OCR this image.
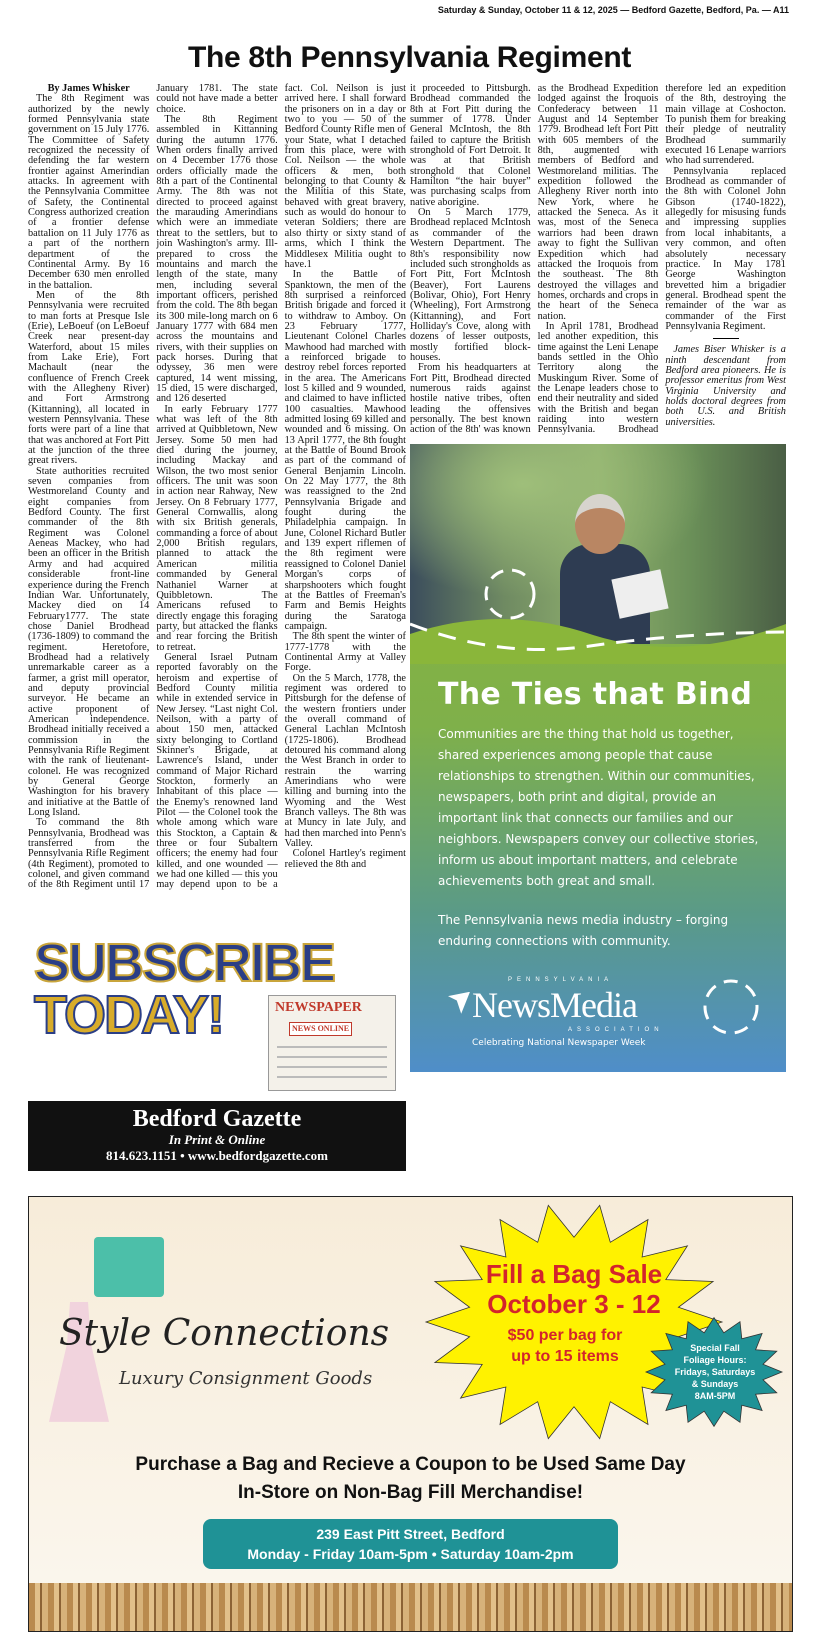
Saturday & Sunday, October 11 & 12, 2025 — Bedford Gazette, Bedford, Pa. — A11
The 8th Pennsylvania Regiment

By James Whisker

The 8th Regiment was authorized by the newly formed Pennsylvania state government on 15 July 1776. The Committee of Safety recognized the necessity of defending the far western frontier against Amerindian attacks. In agreement with the Pennsylvania Committee of Safety, the Continental Congress authorized creation of a frontier defense battalion on 11 July 1776 as a part of the northern department of the Continental Army. By 16 December 630 men enrolled in the battalion.

Men of the 8th Pennsylvania were recruited to man forts at Presque Isle (Erie), LeBoeuf (on LeBoeuf Creek near present-day Waterford, about 15 miles from Lake Erie), Fort Machault (near the confluence of French Creek with the Allegheny River) and Fort Armstrong (Kittanning), all located in western Pennsylvania. These forts were part of a line that that was anchored at Fort Pitt at the junction of the three great rivers.

State authorities recruited seven companies from Westmoreland County and eight companies from Bedford County. The first commander of the 8th Regiment was Colonel Aeneas Mackey, who had been an officer in the British Army and had acquired considerable front-line experience during the French Indian War. Unfortunately, Mackey died on 14 February1777. The state chose Daniel Brodhead (1736-1809) to command the regiment. Heretofore, Brodhead had a relatively unremarkable career as a farmer, a grist mill operator, and deputy provincial surveyor. He became an active proponent of American independence. Brodhead initially received a commission in the Pennsylvania Rifle Regiment with the rank of lieutenant-colonel. He was recognized by General George Washington for his bravery and initiative at the Battle of Long Island.

To command the 8th Pennsylvania, Brodhead was transferred from the Pennsylvania Rifle Regiment (4th Regiment), promoted to colonel, and given command of the 8th Regiment until 17 January 1781. The state could not have made a better choice.

The 8th Regiment assembled in Kittanning during the autumn 1776. When orders finally arrived on 4 December 1776 those orders officially made the 8th a part of the Continental Army. The 8th was not directed to proceed against the marauding Amerindians which were an immediate threat to the settlers, but to join Washington's army. Ill-prepared to cross the mountains and march the length of the state, many men, including several important officers, perished from the cold. The 8th began its 300 mile-long march on 6 January 1777 with 684 men across the mountains and rivers, with their supplies on pack horses. During that odyssey, 36 men were captured, 14 went missing, 15 died, 15 were discharged, and 126 deserted

In early February 1777 what was left of the 8th arrived at Quibbletown, New Jersey. Some 50 men had died during the journey, including Mackay and Wilson, the two most senior officers. The unit was soon in action near Rahway, New Jersey. On 8 February 1777, General Cornwallis, along with six British generals, commanding a force of about 2,000 British regulars, planned to attack the American militia commanded by General Nathaniel Warner at Quibbletown. The Americans refused to directly engage this foraging party, but attacked the flanks and rear forcing the British to retreat.

General Israel Putnam reported favorably on the heroism and expertise of Bedford County militia while in extended service in New Jersey. “Last night Col. Neilson, with a party of about 150 men, attacked sixty belonging to Cortland Skinner's Brigade, at Lawrence's Island, under command of Major Richard Stockton, formerly an Inhabitant of this place — the Enemy's renowned land Pilot — the Colonel took the whole among which ware this Stockton, a Captain & three or four Subaltern officers; the enemy had four killed, and one wounded — we had one killed — this you may depend upon to be a fact. Col. Neilson is just arrived here. I shall forward the prisoners on in a day or two to you — 50 of the Bedford County Rifle men of your State, what I detached from this place, were with Col. Neilson — the whole officers & men, both belonging to that County & the Militia of this State, behaved with great bravery, such as would do honour to veteran Soldiers; there are also thirty or sixty stand of arms, which I think the Middlesex Militia ought to have.1

In the Battle of Spanktown, the men of the 8th surprised a reinforced British brigade and forced it to withdraw to Amboy. On 23 February 1777, Lieutenant Colonel Charles Mawhood had marched with a reinforced brigade to destroy rebel forces reported in the area. The Americans lost 5 killed and 9 wounded, and claimed to have inflicted 100 casualties. Mawhood admitted losing 69 killed and wounded and 6 missing. On 13 April 1777, the 8th fought at the Battle of Bound Brook as part of the command of General Benjamin Lincoln. On 22 May 1777, the 8th was reassigned to the 2nd Pennsylvania Brigade and fought during the Philadelphia campaign. In June, Colonel Richard Butler and 139 expert riflemen of the 8th regiment were reassigned to Colonel Daniel Morgan's corps of sharpshooters which fought at the Battles of Freeman's Farm and Bemis Heights during the Saratoga campaign.

The 8th spent the winter of 1777-1778 with the Continental Army at Valley Forge.

On the 5 March, 1778, the regiment was ordered to Pittsburgh for the defense of the western frontiers under the overall command of General Lachlan McIntosh (1725-1806). Brodhead detoured his command along the West Branch in order to restrain the warring Amerindians who were killing and burning into the Wyoming and the West Branch valleys. The 8th was at Muncy in late July, and had then marched into Penn's Valley.

Colonel Hartley's regiment relieved the 8th and

SUBSCRIBE
TODAY!	NEWSPAPER
NEWS ONLINE
Bedford Gazette
In Print & Online
814.623.1151 • www.bedfordgazette.com

it proceeded to Pittsburgh. Brodhead commanded the 8th at Fort Pitt during the summer of 1778. Under General McIntosh, the 8th failed to capture the British stronghold of Fort Detroit. It was at that British stronghold that Colonel Hamilton “the hair buyer” was purchasing scalps from native aborigine.

On 5 March 1779, Brodhead replaced McIntosh as commander of the Western Department. The 8th's responsibility now included such strongholds as Fort Pitt, Fort McIntosh (Beaver), Fort Laurens (Bolivar, Ohio), Fort Henry (Wheeling), Fort Armstrong (Kittanning), and Fort Holliday's Cove, along with dozens of lesser outposts, mostly fortified block-houses.

From his headquarters at Fort Pitt, Brodhead directed numerous raids against hostile native tribes, often leading the offensives personally. The best known action of the 8th' was known as the Brodhead Expedition lodged against the Iroquois Confederacy between 11 August and 14 September 1779. Brodhead left Fort Pitt with 605 members of the 8th, augmented with members of Bedford and Westmoreland militias. The expedition followed the Allegheny River north into New York, where he attacked the Seneca. As it was, most of the Seneca warriors had been drawn away to fight the Sullivan Expedition which had attacked the Iroquois from the southeast. The 8th destroyed the villages and homes, orchards and crops in the heart of the Seneca nation.

In April 1781, Brodhead led another expedition, this time against the Leni Lenape bands settled in the Ohio Territory along the Muskingum River. Some of the Lenape leaders chose to end their neutrality and sided with the British and began raiding into western Pennsylvania. Brodhead therefore led an expedition of the 8th, destroying the main village at Coshocton. To punish them for breaking their pledge of neutrality Brodhead summarily executed 16 Lenape warriors who had surrendered.

Pennsylvania replaced Brodhead as commander of the 8th with Colonel John Gibson (1740-1822), allegedly for misusing funds and impressing supplies from local inhabitants, a very common, and often absolutely necessary practice. In May 1781 George Washington brevetted him a brigadier general. Brodhead spent the remainder of the war as commander of the First Pennsylvania Regiment.

James Biser Whisker is a ninth descendant from Bedford area pioneers. He is professor emeritus from West Virginia University and holds doctoral degrees from both U.S. and British universities.

The Ties that Bind

Communities are the thing that hold us together, shared experiences among people that cause relationships to strengthen. Within our communities, newspapers, both print and digital, provide an important link that connects our families and our neighbors. Newspapers convey our collective stories, inform us about important matters, and celebrate achievements both great and small.

The Pennsylvania news media industry – forging enduring connections with community.

PENNSYLVANIA
NewsMedia
ASSOCIATION
Celebrating National Newspaper Week
Style Connections
Luxury Consignment Goods
Fill a Bag Sale
October 3 - 12
$50 per bag for
up to 15 items	Special Fall
Foliage Hours:
Fridays, Saturdays
& Sundays
8AM-5PM
Purchase a Bag and Recieve a Coupon to be Used Same Day
In-Store on Non-Bag Fill Merchandise!
239 East Pitt Street, Bedford
Monday - Friday 10am-5pm • Saturday 10am-2pm
